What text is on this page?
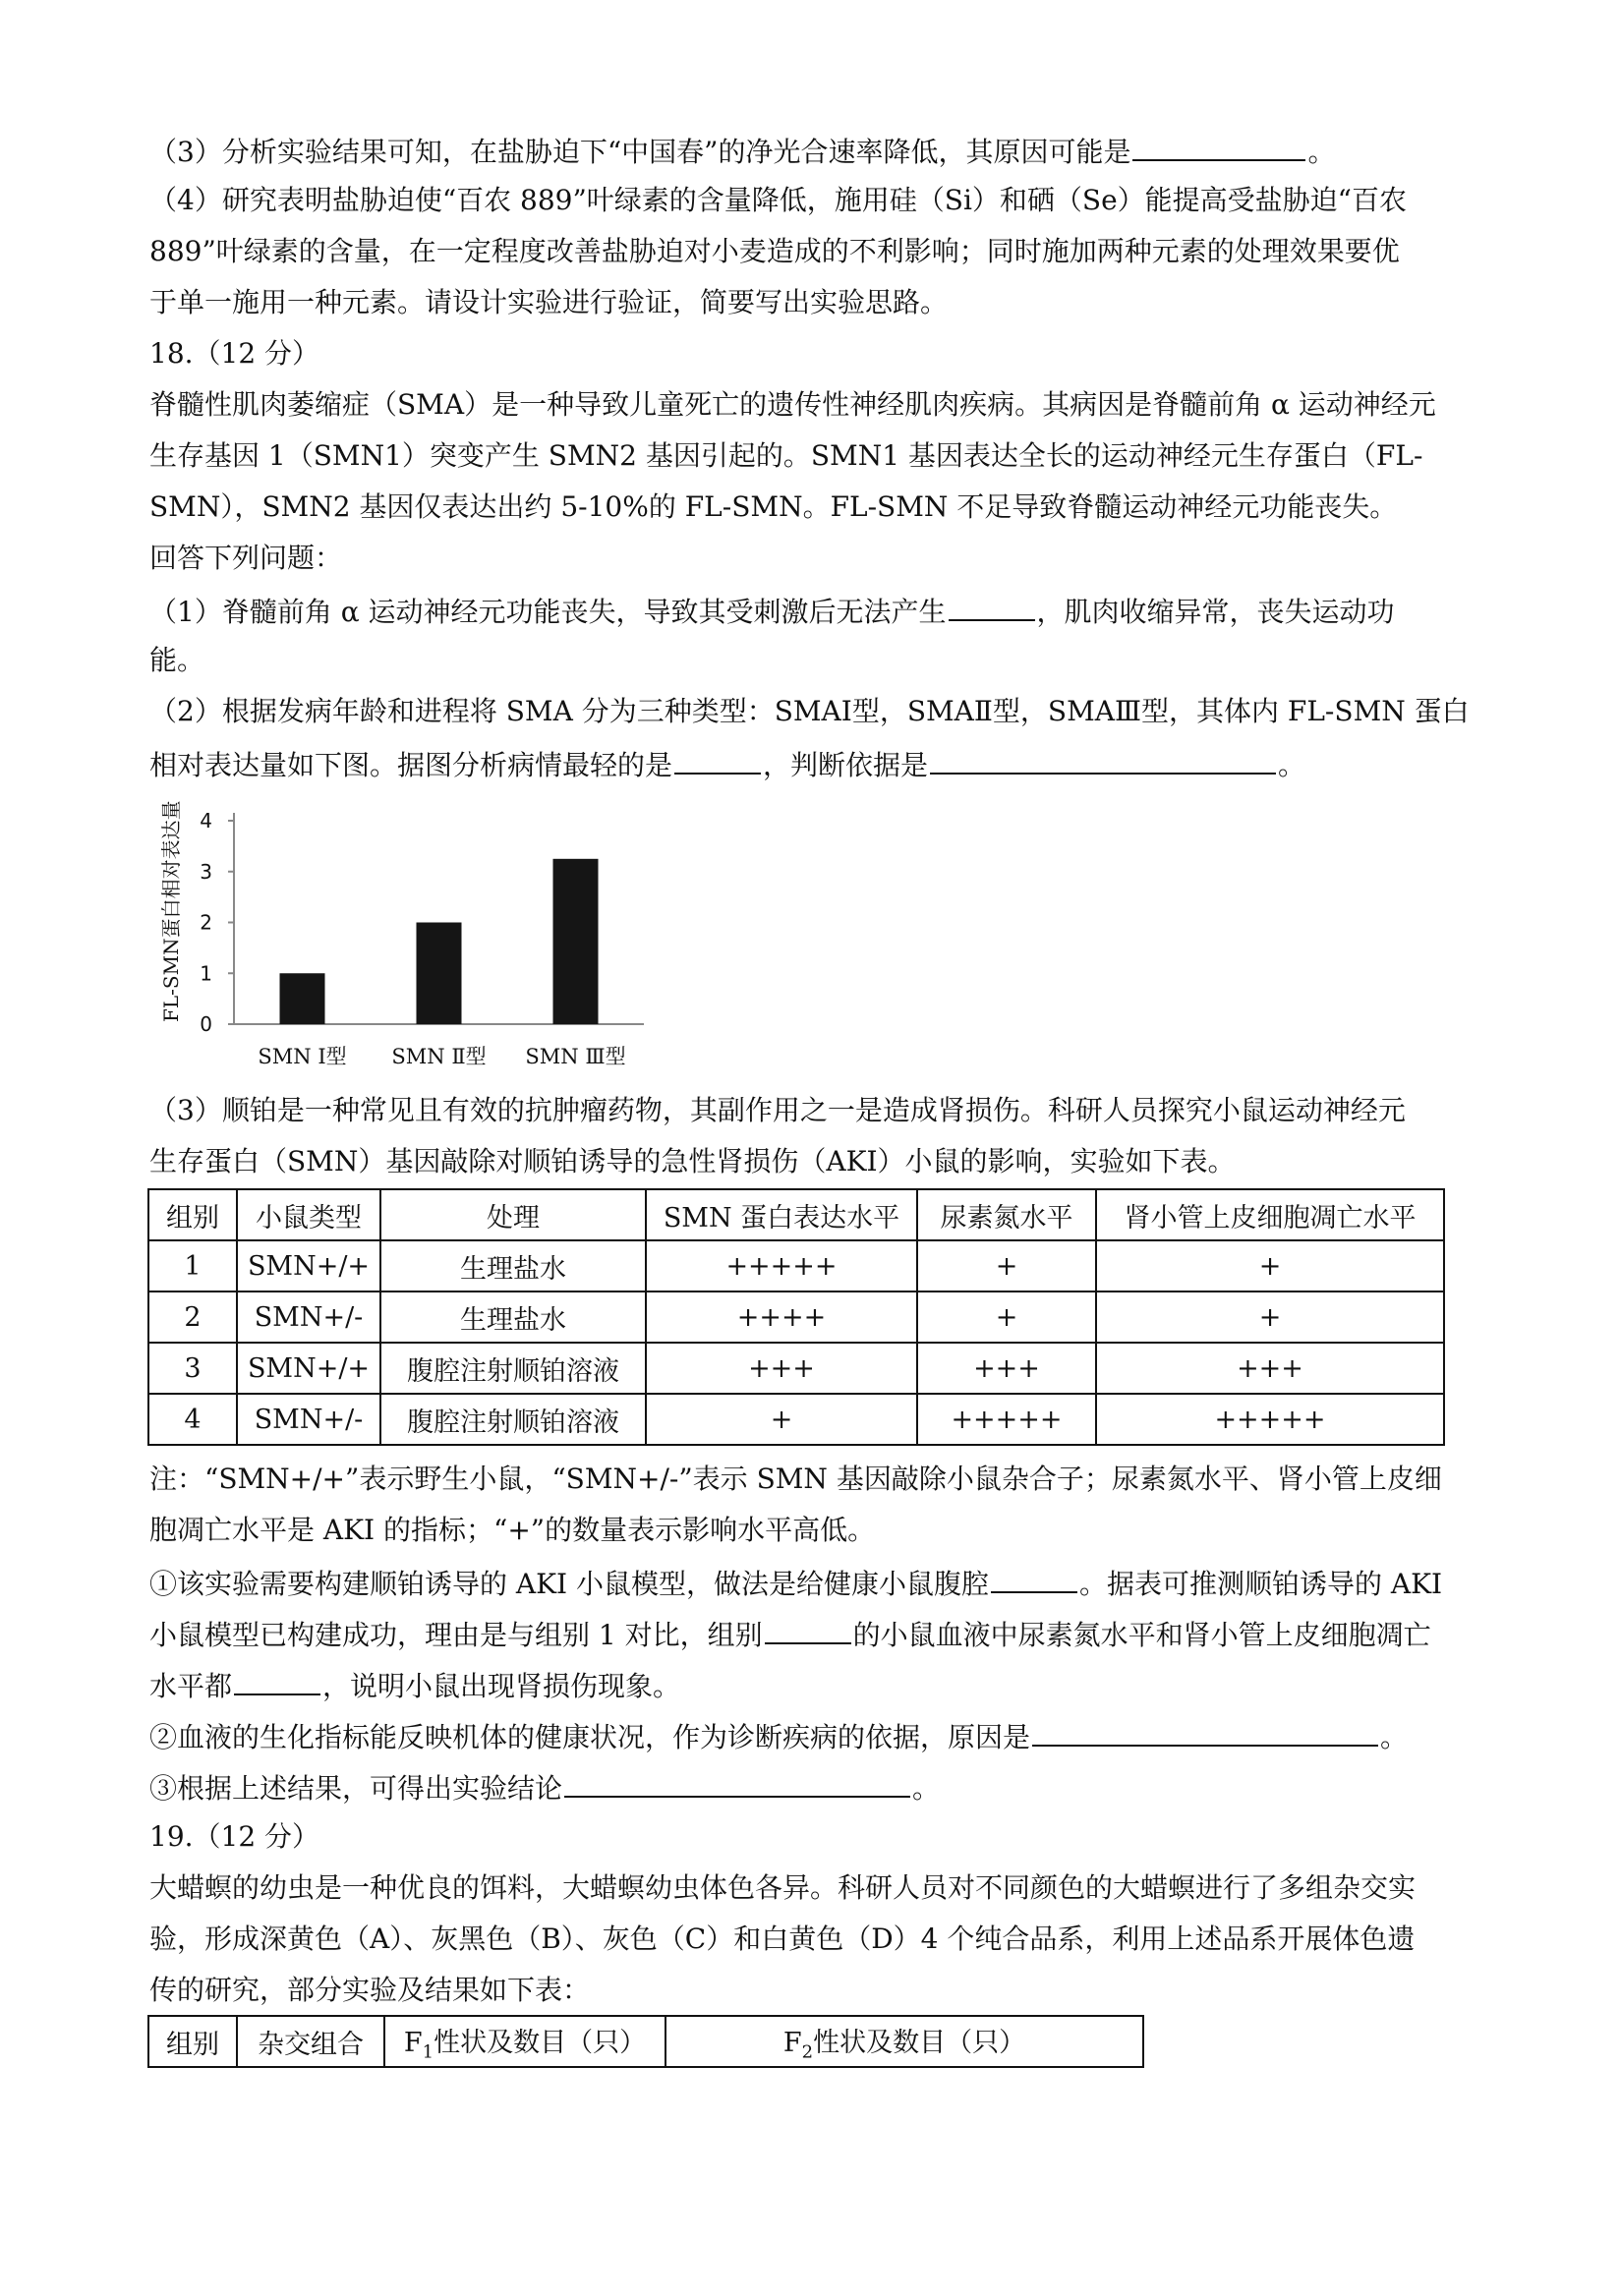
（3）分析实验结果可知，在盐胁迫下“中国春”的净光合速率降低，其原因可能是	。
（4）研究表明盐胁迫使“百农 889”叶绿素的含量降低，施用硅（Si）和硒（Se）能提高受盐胁迫“百农
889”叶绿素的含量，在一定程度改善盐胁迫对小麦造成的不利影响；同时施加两种元素的处理效果要优
于单一施用一种元素。请设计实验进行验证，简要写出实验思路。
18.（12 分）
脊髓性肌肉萎缩症（SMA）是一种导致儿童死亡的遗传性神经肌肉疾病。其病因是脊髓前角 α 运动神经元
生存基因 1（SMN1）突变产生 SMN2 基因引起的。SMN1 基因表达全长的运动神经元生存蛋白（FL-
SMN），SMN2 基因仅表达出约 5-10%的 FL-SMN。FL-SMN 不足导致脊髓运动神经元功能丧失。
回答下列问题：
（1）脊髓前角 α 运动神经元功能丧失，导致其受刺激后无法产生	，肌肉收缩异常，丧失运动功
能。
（2）根据发病年龄和进程将 SMA 分为三种类型：SMAⅠ型，SMAⅡ型，SMAⅢ型，其体内 FL-SMN 蛋白
相对表达量如下图。据图分析病情最轻的是	，判断依据是	。
0
1
2
3
4
SMN Ⅰ型 SMN Ⅱ型 SMN Ⅲ型
FL-SMN蛋白相对表达量
（3）顺铂是一种常见且有效的抗肿瘤药物，其副作用之一是造成肾损伤。科研人员探究小鼠运动神经元
生存蛋白（SMN）基因敲除对顺铂诱导的急性肾损伤（AKI）小鼠的影响，实验如下表。
组别	小鼠类型	处理	SMN 蛋白表达水平	尿素氮水平	肾小管上皮细胞凋亡水平
1	SMN+/+	生理盐水	+++++	+	+
2	SMN+/-	生理盐水	++++	+	+
3	SMN+/+	腹腔注射顺铂溶液	+++	+++	+++
4	SMN+/-	腹腔注射顺铂溶液	+	+++++	+++++
注：“SMN+/+”表示野生小鼠，“SMN+/-”表示 SMN 基因敲除小鼠杂合子；尿素氮水平、肾小管上皮细
胞凋亡水平是 AKI 的指标；“+”的数量表示影响水平高低。
①该实验需要构建顺铂诱导的 AKI 小鼠模型，做法是给健康小鼠腹腔	。据表可推测顺铂诱导的 AKI
小鼠模型已构建成功，理由是与组别 1 对比，组别	的小鼠血液中尿素氮水平和肾小管上皮细胞凋亡
水平都	，说明小鼠出现肾损伤现象。
②血液的生化指标能反映机体的健康状况，作为诊断疾病的依据，原因是	。
③根据上述结果，可得出实验结论	。
19.（12 分）
大蜡螟的幼虫是一种优良的饵料，大蜡螟幼虫体色各异。科研人员对不同颜色的大蜡螟进行了多组杂交实
验，形成深黄色（A）、灰黑色（B）、灰色（C）和白黄色（D）4 个纯合品系，利用上述品系开展体色遗
传的研究，部分实验及结果如下表：
组别	杂交组合	$F_1$性状及数目（只）	$F_2$性状及数目（只）
